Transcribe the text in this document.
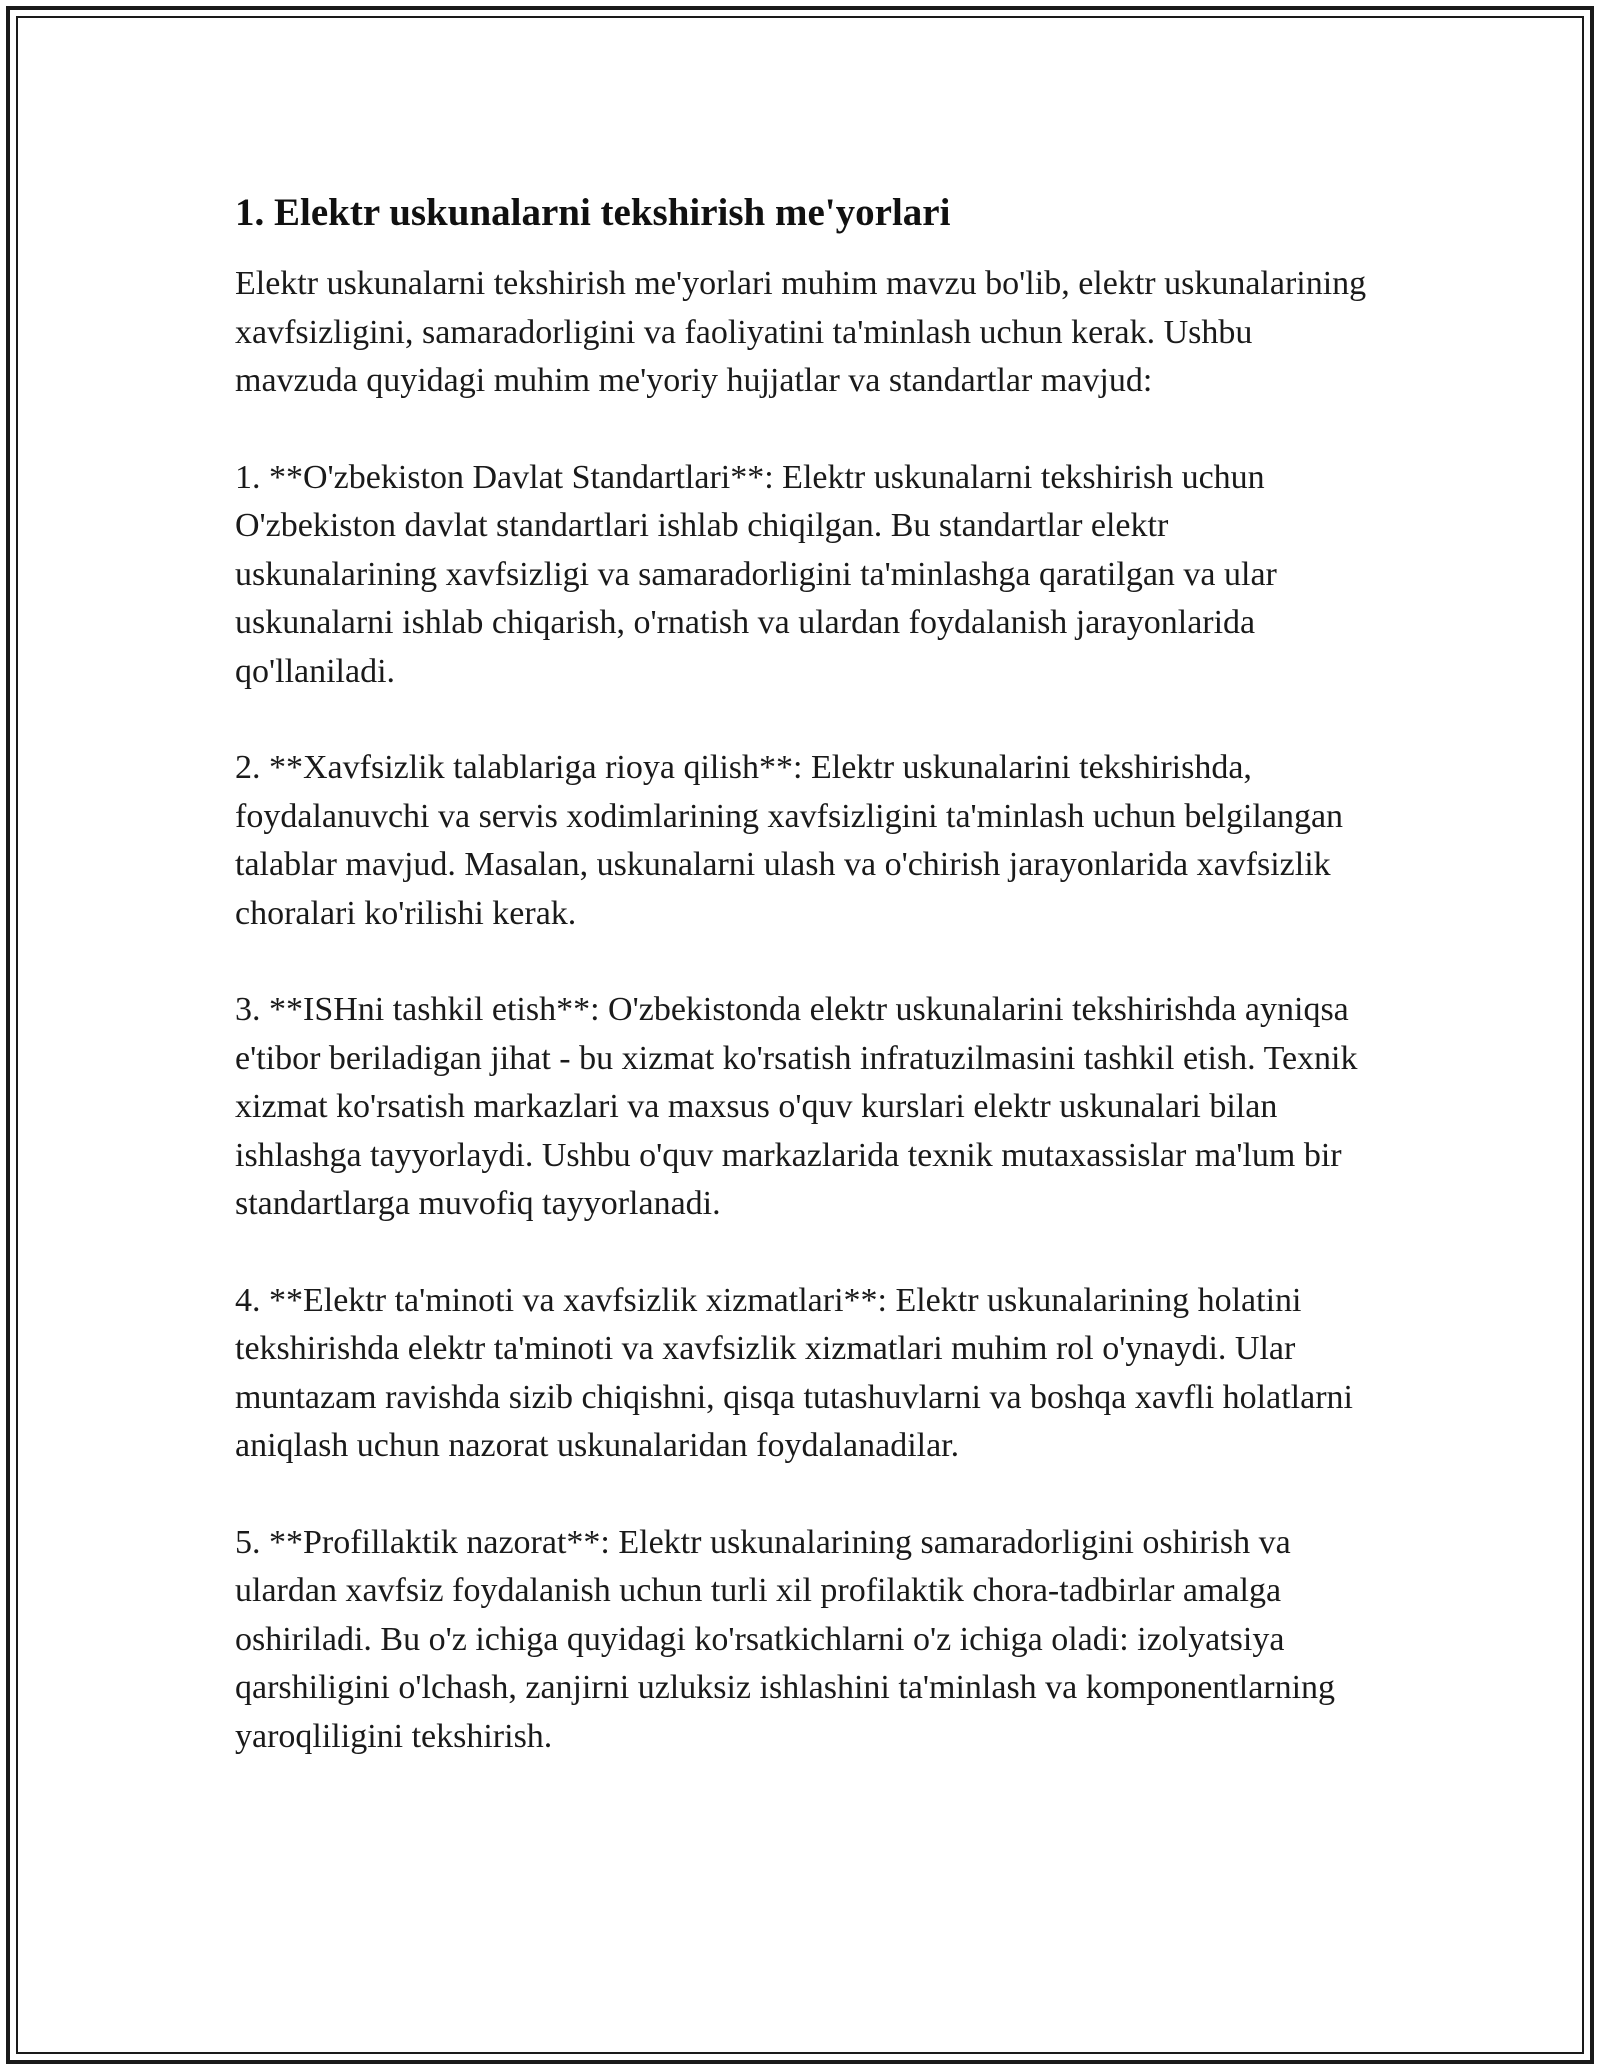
1. Elektr uskunalarni tekshirish me'yorlari

Elektr uskunalarni tekshirish me'yorlari muhim mavzu bo'lib, elektr uskunalarining xavfsizligini, samaradorligini va faoliyatini ta'minlash uchun kerak. Ushbu mavzuda quyidagi muhim me'yoriy hujjatlar va standartlar mavjud:

1. **O'zbekiston Davlat Standartlari**: Elektr uskunalarni tekshirish uchun O'zbekiston davlat standartlari ishlab chiqilgan. Bu standartlar elektr uskunalarining xavfsizligi va samaradorligini ta'minlashga qaratilgan va ular uskunalarni ishlab chiqarish, o'rnatish va ulardan foydalanish jarayonlarida qo'llaniladi.

2. **Xavfsizlik talablariga rioya qilish**: Elektr uskunalarini tekshirishda, foydalanuvchi va servis xodimlarining xavfsizligini ta'minlash uchun belgilangan talablar mavjud. Masalan, uskunalarni ulash va o'chirish jarayonlarida xavfsizlik choralari ko'rilishi kerak.

3. **ISHni tashkil etish**: O'zbekistonda elektr uskunalarini tekshirishda ayniqsa e'tibor beriladigan jihat - bu xizmat ko'rsatish infratuzilmasini tashkil etish. Texnik xizmat ko'rsatish markazlari va maxsus o'quv kurslari elektr uskunalari bilan ishlashga tayyorlaydi. Ushbu o'quv markazlarida texnik mutaxassislar ma'lum bir standartlarga muvofiq tayyorlanadi.

4. **Elektr ta'minoti va xavfsizlik xizmatlari**: Elektr uskunalarining holatini tekshirishda elektr ta'minoti va xavfsizlik xizmatlari muhim rol o'ynaydi. Ular muntazam ravishda sizib chiqishni, qisqa tutashuvlarni va boshqa xavfli holatlarni aniqlash uchun nazorat uskunalaridan foydalanadilar.

5. **Profillaktik nazorat**: Elektr uskunalarining samaradorligini oshirish va ulardan xavfsiz foydalanish uchun turli xil profilaktik chora-tadbirlar amalga oshiriladi. Bu o'z ichiga quyidagi ko'rsatkichlarni o'z ichiga oladi: izolyatsiya qarshiligini o'lchash, zanjirni uzluksiz ishlashini ta'minlash va komponentlarning yaroqliligini tekshirish.
